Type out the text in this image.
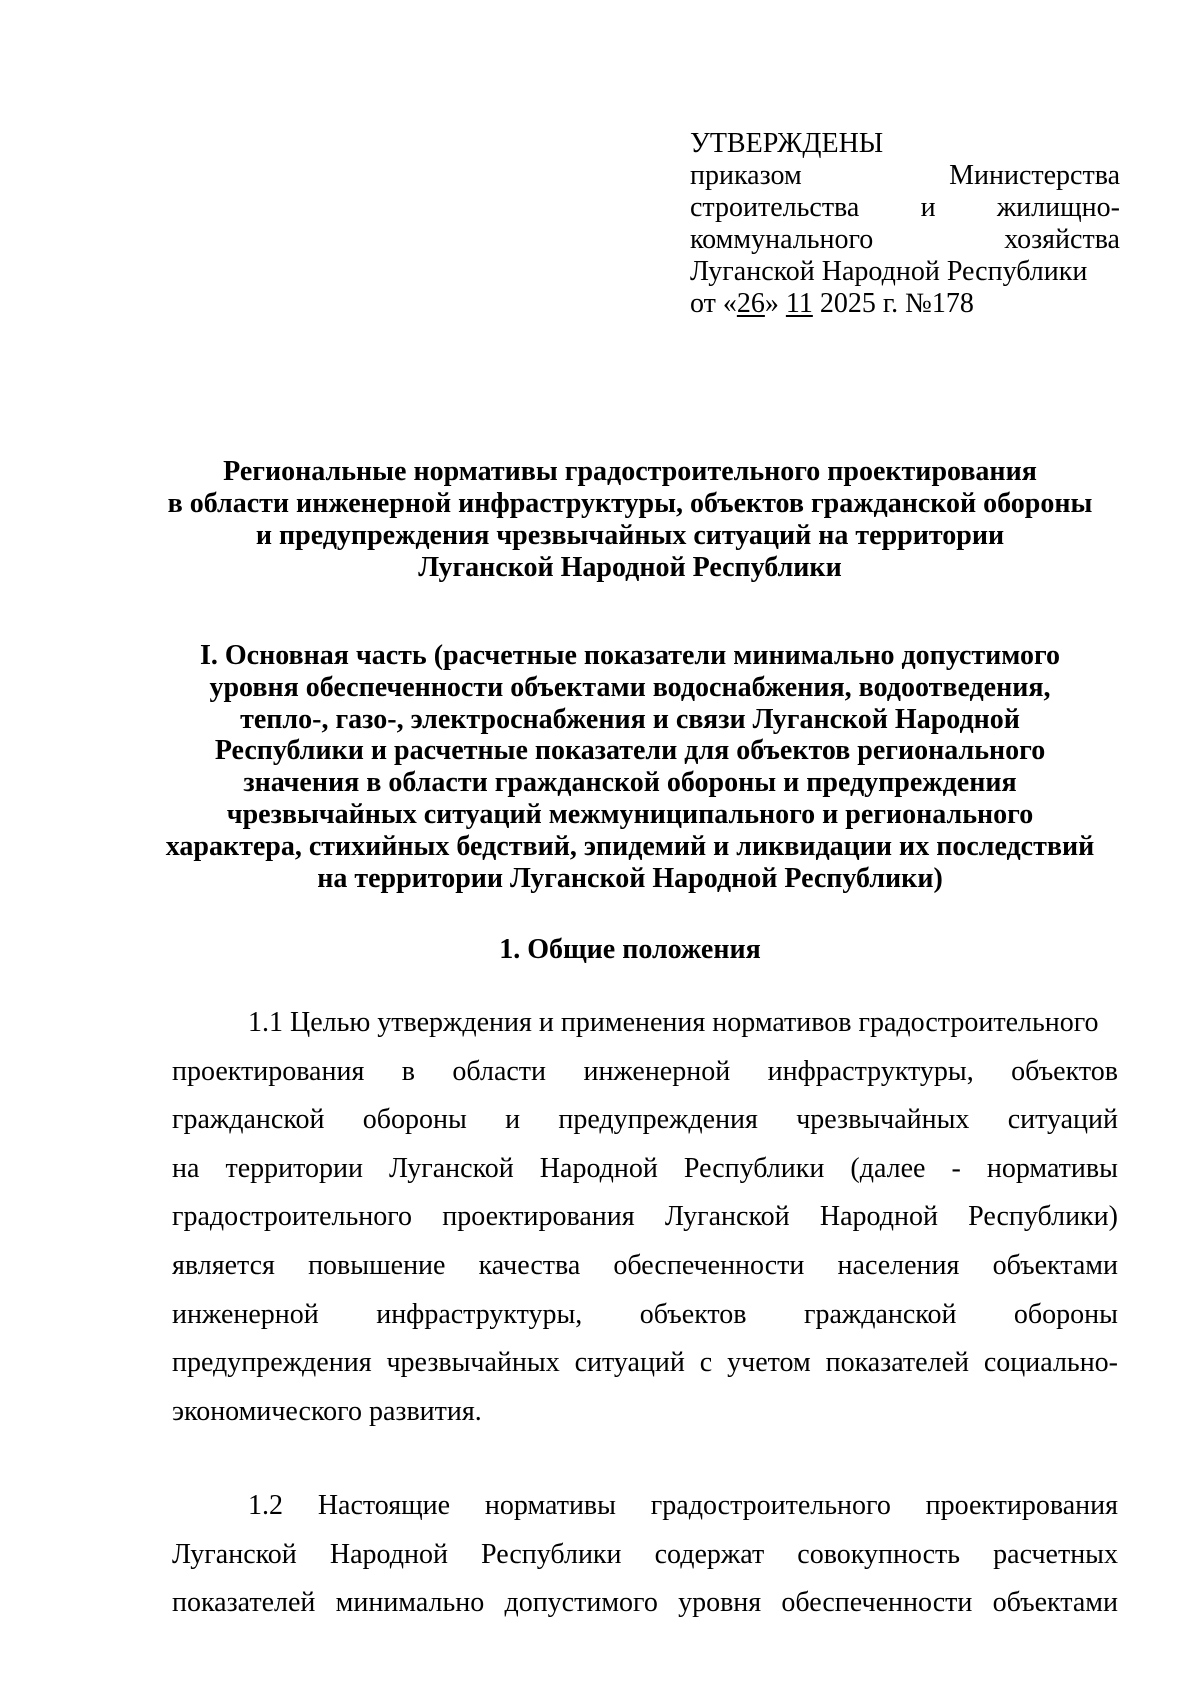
УТВЕРЖДЕНЫ
приказом	Министерства
строительства и жилищно-
коммунального	хозяйства
Луганской Народной Республики
от «26» 11 2025 г. №178
Региональные нормативы градостроительного проектирования
в области инженерной инфраструктуры, объектов гражданской обороны
и предупреждения чрезвычайных ситуаций на территории
Луганской Народной Республики
I. Основная часть (расчетные показатели минимально допустимого
уровня обеспеченности объектами водоснабжения, водоотведения,
тепло-, газо-, электроснабжения и связи Луганской Народной
Республики и расчетные показатели для объектов регионального
значения в области гражданской обороны и предупреждения
чрезвычайных ситуаций межмуниципального и регионального
характера, стихийных бедствий, эпидемий и ликвидации их последствий
на территории Луганской Народной Республики)
1. Общие положения
1.1 Целью утверждения и применения нормативов градостроительного
проектирования в области инженерной инфраструктуры, объектов
гражданской обороны и предупреждения чрезвычайных ситуаций
на территории Луганской Народной Республики (далее - нормативы
градостроительного проектирования Луганской Народной Республики)
является повышение качества обеспеченности населения объектами
инженерной инфраструктуры, объектов гражданской обороны
предупреждения чрезвычайных ситуаций с учетом показателей социально-
экономического развития.
1.2 Настоящие нормативы градостроительного проектирования
Луганской Народной Республики содержат совокупность расчетных
показателей минимально допустимого уровня обеспеченности объектами
